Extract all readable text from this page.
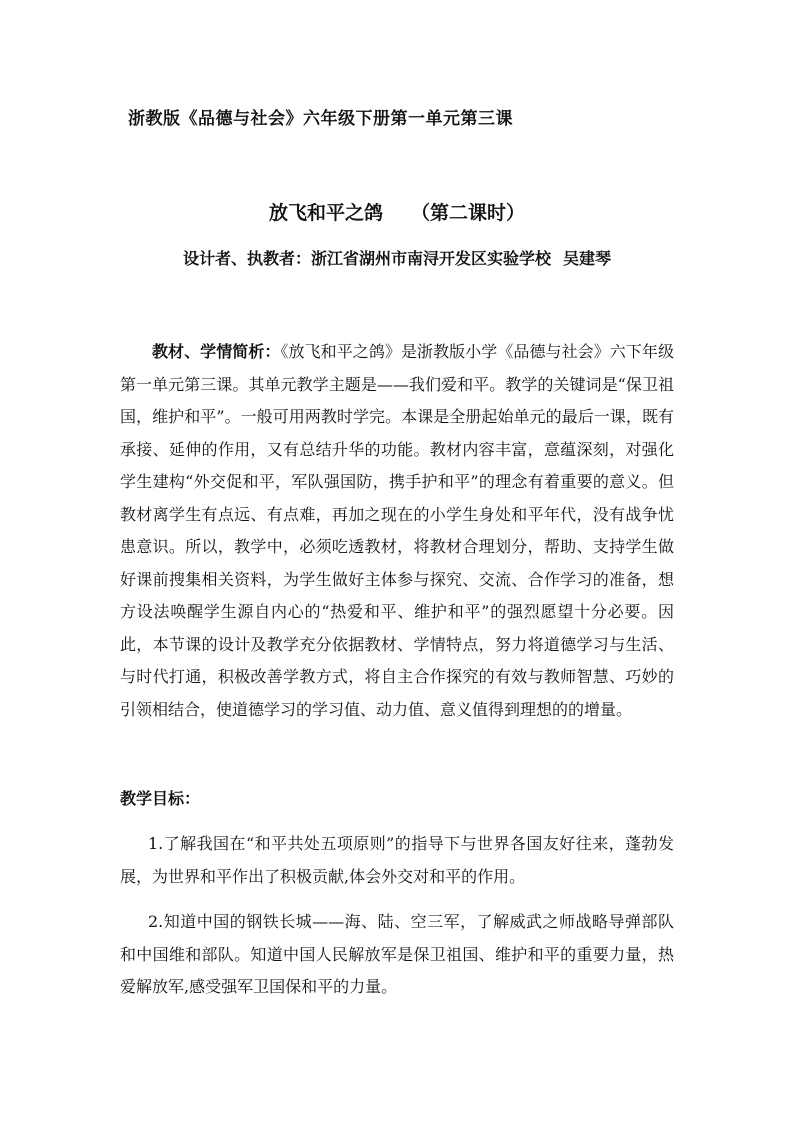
浙教版《品德与社会》六年级下册第一单元第三课
放飞和平之鸽 （第二课时）
设计者、执教者：浙江省湖州市南浔开发区实验学校 吴建琴
教材、学情简析：《放飞和平之鸽》是浙教版小学《品德与社会》六下年级第一单元第三课。其单元教学主题是——我们爱和平。教学的关键词是“保卫祖国，维护和平”。一般可用两教时学完。本课是全册起始单元的最后一课，既有承接、延伸的作用，又有总结升华的功能。教材内容丰富，意蕴深刻，对强化学生建构“外交促和平，军队强国防，携手护和平”的理念有着重要的意义。但教材离学生有点远、有点难，再加之现在的小学生身处和平年代，没有战争忧患意识。所以，教学中，必须吃透教材，将教材合理划分，帮助、支持学生做好课前搜集相关资料，为学生做好主体参与探究、交流、合作学习的准备，想方设法唤醒学生源自内心的“热爱和平、维护和平”的强烈愿望十分必要。因此，本节课的设计及教学充分依据教材、学情特点，努力将道德学习与生活、与时代打通，积极改善学教方式，将自主合作探究的有效与教师智慧、巧妙的引领相结合，使道德学习的学习值、动力值、意义值得到理想的的增量。
教学目标：
1.了解我国在“和平共处五项原则”的指导下与世界各国友好往来，蓬勃发展，为世界和平作出了积极贡献,体会外交对和平的作用。
2.知道中国的钢铁长城——海、陆、空三军，了解威武之师战略导弹部队和中国维和部队。知道中国人民解放军是保卫祖国、维护和平的重要力量，热爱解放军,感受强军卫国保和平的力量。
